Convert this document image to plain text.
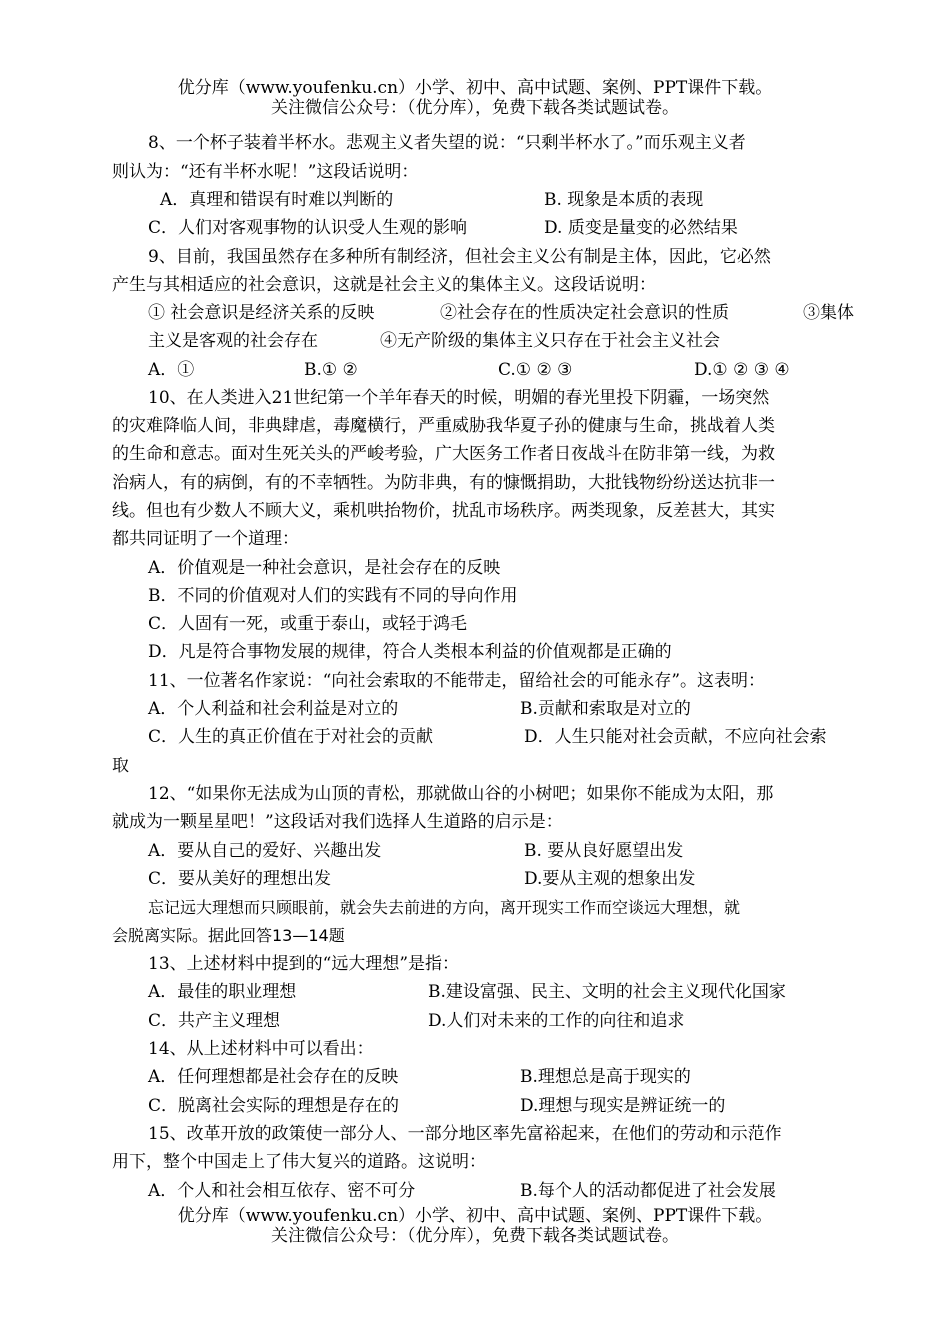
优分库（www.youfenku.cn）小学、初中、高中试题、案例、PPT课件下载。
关注微信公众号：（优分库），免费下载各类试题试卷。
8、一个杯子装着半杯水。悲观主义者失望的说：“只剩半杯水了。”而乐观主义者
则认为：“还有半杯水呢！”这段话说明：
A．真理和错误有时难以判断的	B. 现象是本质的表现
C．人们对客观事物的认识受人生观的影响	D. 质变是量变的必然结果
9、目前，我国虽然存在多种所有制经济，但社会主义公有制是主体，因此，它必然
产生与其相适应的社会意识，这就是社会主义的集体主义。这段话说明：
① 社会意识是经济关系的反映	②社会存在的性质决定社会意识的性质	③集体
主义是客观的社会存在	④无产阶级的集体主义只存在于社会主义社会
A．①	B.① ②	C.① ② ③	D.① ② ③ ④
10、在人类进入21世纪第一个羊年春天的时候，明媚的春光里投下阴霾，一场突然
的灾难降临人间，非典肆虐，毒魔横行，严重威胁我华夏子孙的健康与生命，挑战着人类
的生命和意志。面对生死关头的严峻考验，广大医务工作者日夜战斗在防非第一线，为救
治病人，有的病倒，有的不幸牺牲。为防非典，有的慷慨捐助，大批钱物纷纷送达抗非一
线。但也有少数人不顾大义，乘机哄抬物价，扰乱市场秩序。两类现象，反差甚大，其实
都共同证明了一个道理：
A．价值观是一种社会意识，是社会存在的反映
B．不同的价值观对人们的实践有不同的导向作用
C．人固有一死，或重于泰山，或轻于鸿毛
D．凡是符合事物发展的规律，符合人类根本利益的价值观都是正确的
11、一位著名作家说：“向社会索取的不能带走，留给社会的可能永存”。这表明：
A．个人利益和社会利益是对立的	B.贡献和索取是对立的
C．人生的真正价值在于对社会的贡献	D．人生只能对社会贡献，不应向社会索
取
12、“如果你无法成为山顶的青松，那就做山谷的小树吧；如果你不能成为太阳，那
就成为一颗星星吧！”这段话对我们选择人生道路的启示是：
A．要从自己的爱好、兴趣出发	B. 要从良好愿望出发
C．要从美好的理想出发	D.要从主观的想象出发
忘记远大理想而只顾眼前，就会失去前进的方向，离开现实工作而空谈远大理想，就
会脱离实际。据此回答13—14题
13、上述材料中提到的“远大理想”是指：
A．最佳的职业理想	B.建设富强、民主、文明的社会主义现代化国家
C．共产主义理想	D.人们对未来的工作的向往和追求
14、从上述材料中可以看出：
A．任何理想都是社会存在的反映	B.理想总是高于现实的
C．脱离社会实际的理想是存在的	D.理想与现实是辨证统一的
15、改革开放的政策使一部分人、一部分地区率先富裕起来，在他们的劳动和示范作
用下，整个中国走上了伟大复兴的道路。这说明：
A．个人和社会相互依存、密不可分	B.每个人的活动都促进了社会发展
优分库（www.youfenku.cn）小学、初中、高中试题、案例、PPT课件下载。
关注微信公众号：（优分库），免费下载各类试题试卷。
